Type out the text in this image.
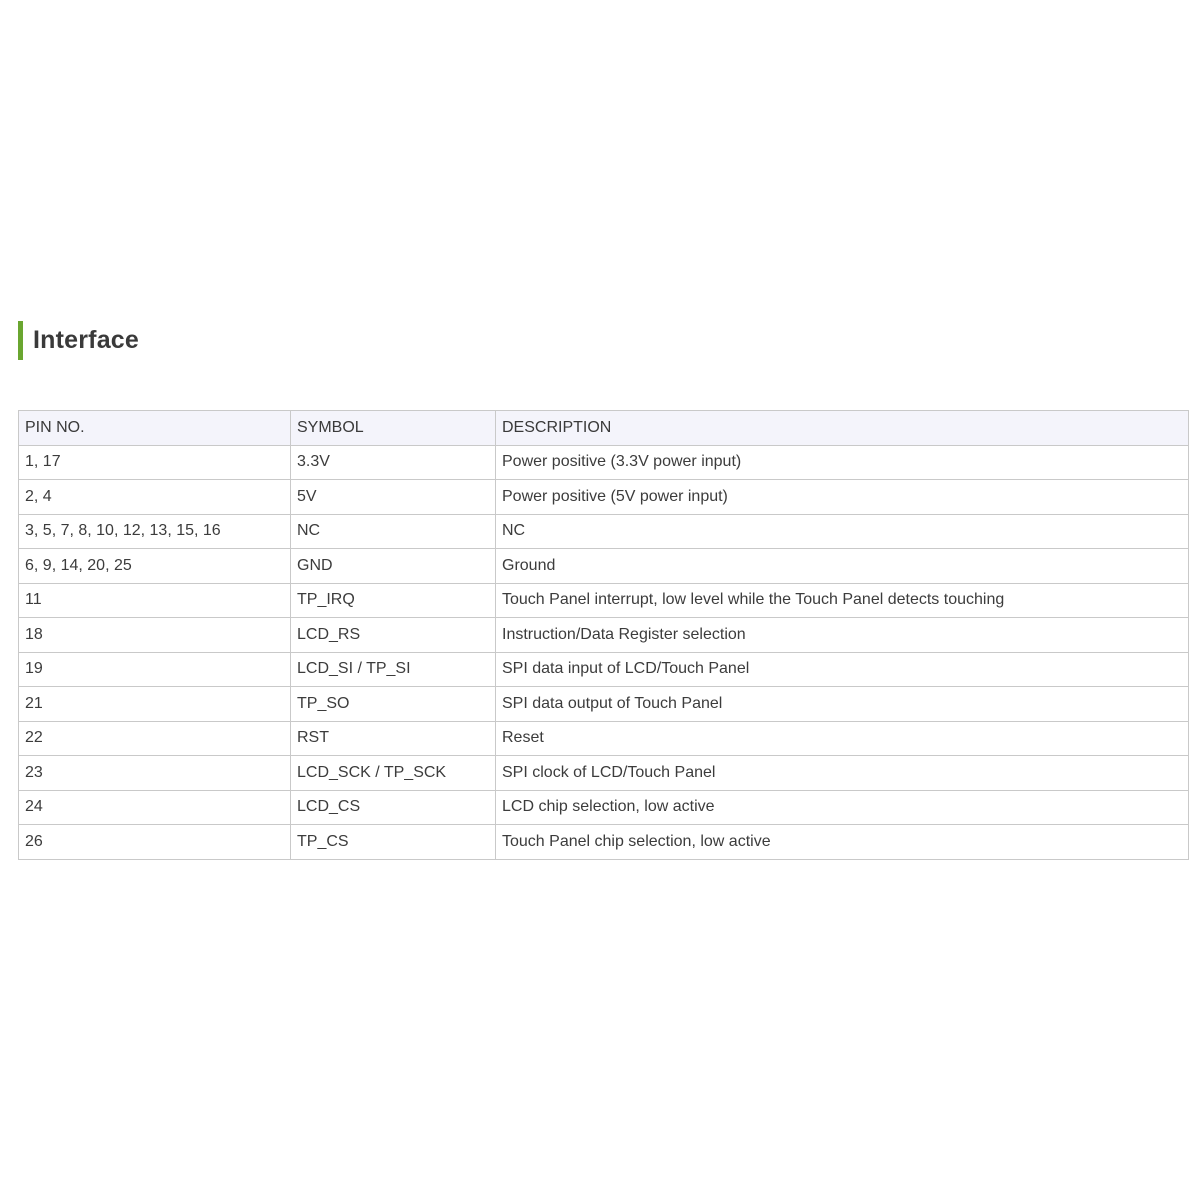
Interface
PIN NO.	SYMBOL	DESCRIPTION
1, 17	3.3V	Power positive (3.3V power input)
2, 4	5V	Power positive (5V power input)
3, 5, 7, 8, 10, 12, 13, 15, 16	NC	NC
6, 9, 14, 20, 25	GND	Ground
11	TP_IRQ	Touch Panel interrupt, low level while the Touch Panel detects touching
18	LCD_RS	Instruction/Data Register selection
19	LCD_SI / TP_SI	SPI data input of LCD/Touch Panel
21	TP_SO	SPI data output of Touch Panel
22	RST	Reset
23	LCD_SCK / TP_SCK	SPI clock of LCD/Touch Panel
24	LCD_CS	LCD chip selection, low active
26	TP_CS	Touch Panel chip selection, low active
